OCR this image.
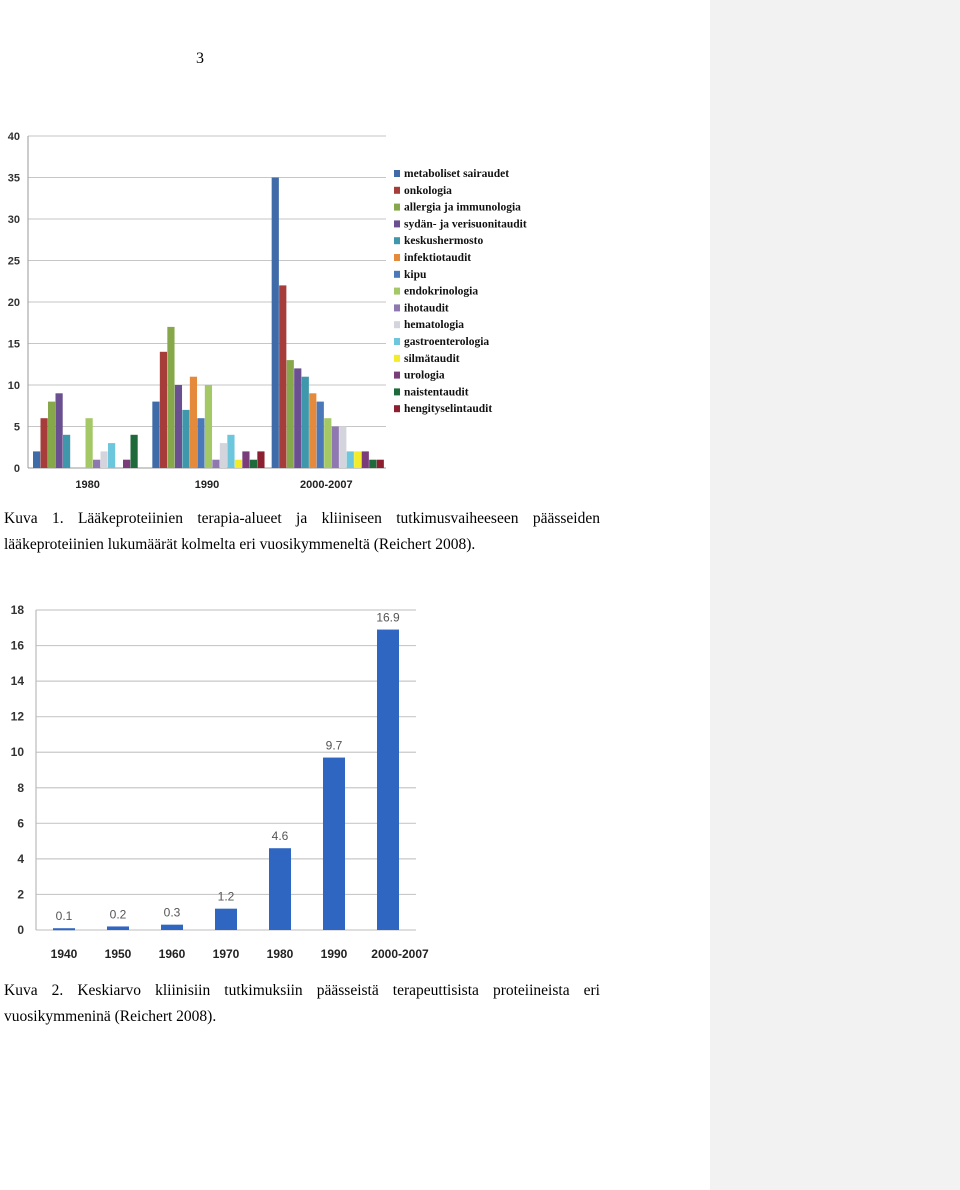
3
0
5
10
15
20
25
30
35
40
1980	1990	2000-2007
metaboliset sairaudet
onkologia
allergia ja immunologia
sydän- ja verisuonitaudit
keskushermosto
infektiotaudit
kipu
endokrinologia
ihotaudit
hematologia
gastroenterologia
silmätaudit
urologia
naistentaudit
hengityselintaudit
Kuva 1. Lääkeproteiinien terapia-alueet ja kliiniseen tutkimusvaiheeseen päässeiden
lääkeproteiinien lukumäärät kolmelta eri vuosikymmeneltä (Reichert 2008).
0
2
4
6
8
10
12
14
16
18
0.1
1940
0.2
1950
0.3
1960
1.2
1970
4.6
1980
9.7
1990
16.9
2000-2007
Kuva 2. Keskiarvo kliinisiin tutkimuksiin päässeistä terapeuttisista proteiineista eri
vuosikymmeninä (Reichert 2008).
